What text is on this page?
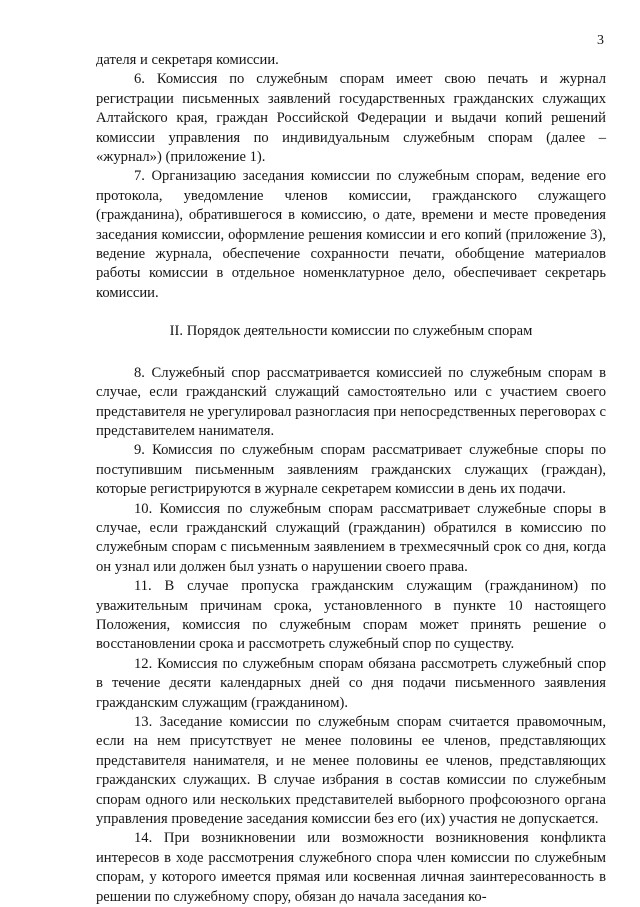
3

дателя и секретаря комиссии.

6. Комиссия по служебным спорам имеет свою печать и журнал регистрации письменных заявлений государственных гражданских служащих Алтайского края, граждан Российской Федерации и выдачи копий решений комиссии управления по индивидуальным служебным спорам (далее – «журнал») (приложение 1).

7. Организацию заседания комиссии по служебным спорам, ведение его протокола, уведомление членов комиссии, гражданского служащего (гражданина), обратившегося в комиссию, о дате, времени и месте проведения заседания комиссии, оформление решения комиссии и его копий (приложение 3), ведение журнала, обеспечение сохранности печати, обобщение материалов работы комиссии в отдельное номенклатурное дело, обеспечивает секретарь комиссии.

II. Порядок деятельности комиссии по служебным спорам

8. Служебный спор рассматривается комиссией по служебным спорам в случае, если гражданский служащий самостоятельно или с участием своего представителя не урегулировал разногласия при непосредственных переговорах с представителем нанимателя.

9. Комиссия по служебным спорам рассматривает служебные споры по поступившим письменным заявлениям гражданских служащих (граждан), которые регистрируются в журнале секретарем комиссии в день их подачи.

10. Комиссия по служебным спорам рассматривает служебные споры в случае, если гражданский служащий (гражданин) обратился в комиссию по служебным спорам с письменным заявлением в трехмесячный срок со дня, когда он узнал или должен был узнать о нарушении своего права.

11. В случае пропуска гражданским служащим (гражданином) по уважительным причинам срока, установленного в пункте 10 настоящего Положения, комиссия по служебным спорам может принять решение о восстановлении срока и рассмотреть служебный спор по существу.

12. Комиссия по служебным спорам обязана рассмотреть служебный спор в течение десяти календарных дней со дня подачи письменного заявления гражданским служащим (гражданином).

13. Заседание комиссии по служебным спорам считается правомочным, если на нем присутствует не менее половины ее членов, представляющих представителя нанимателя, и не менее половины ее членов, представляющих гражданских служащих. В случае избрания в состав комиссии по служебным спорам одного или нескольких представителей выборного профсоюзного органа управления проведение заседания комиссии без его (их) участия не допускается.

14. При возникновении или возможности возникновения конфликта интересов в ходе рассмотрения служебного спора член комиссии по служебным спорам, у которого имеется прямая или косвенная личная заинтересованность в решении по служебному спору, обязан до начала заседания ко-
